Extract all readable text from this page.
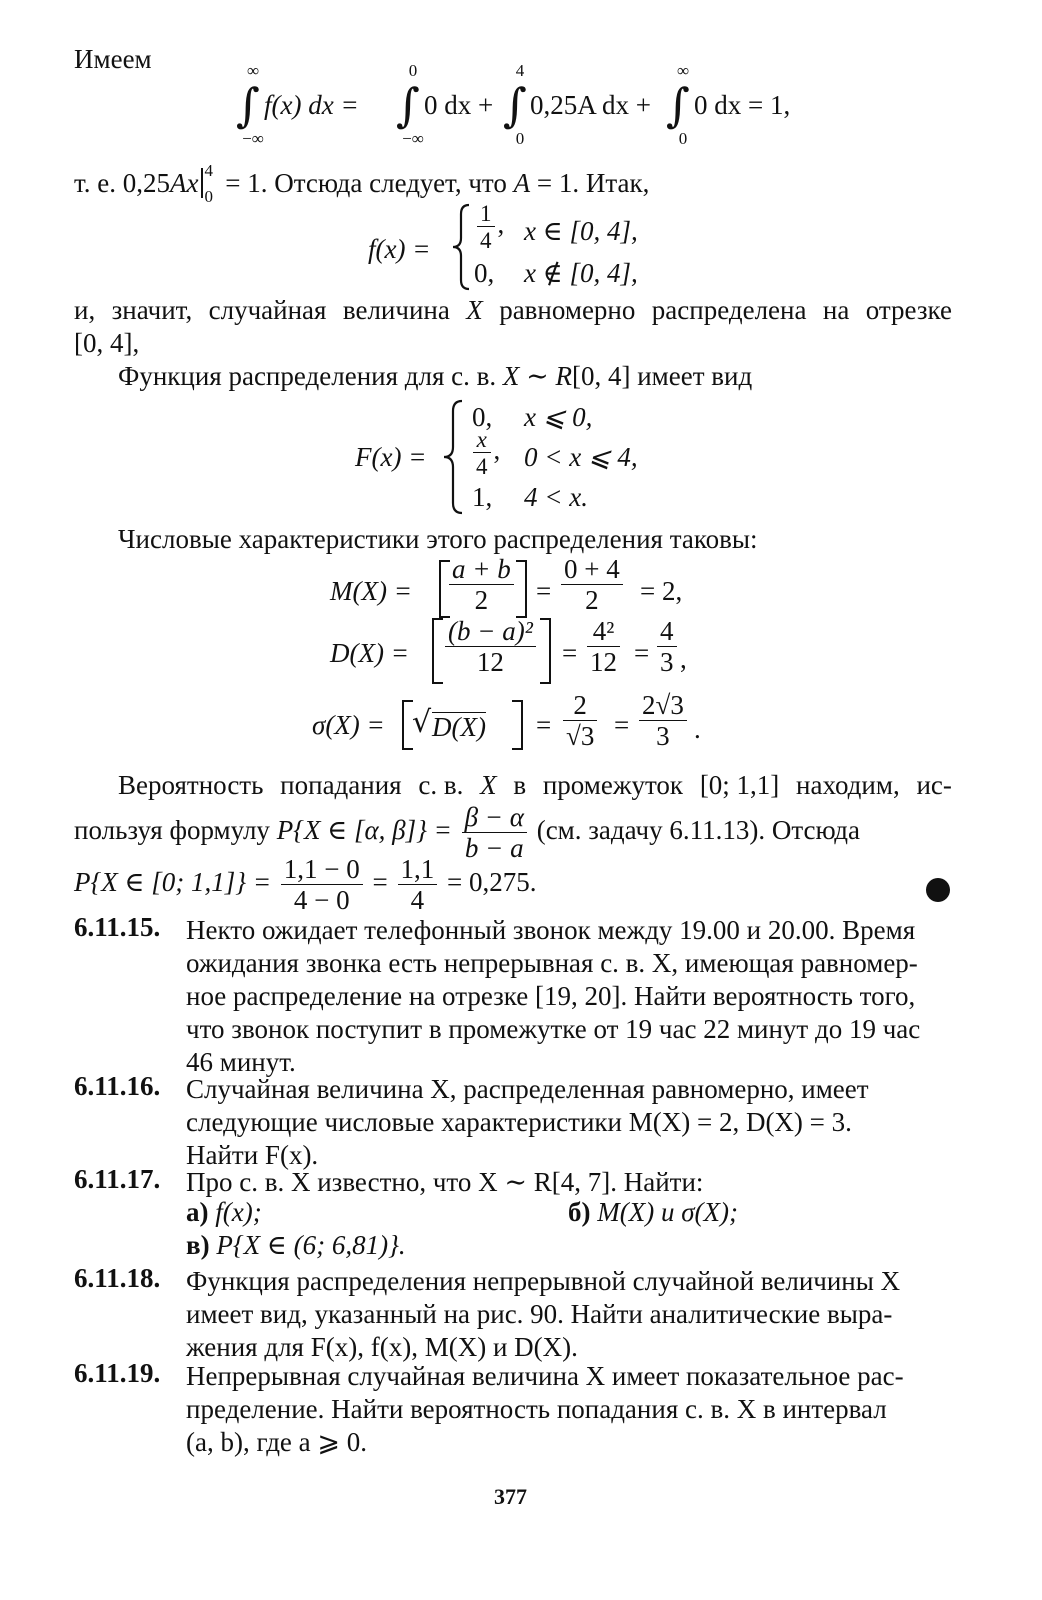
Имеем	∞
−∞
0
−∞
4
0
∞
0
∫	∫ ∫	∫
f(x) dx = 0 dx + 0,25A dx + 0 dx = 1,
т. е. 0,25Ax 4
0 = 1. Отсюда следует, что A = 1. Итак,
$f(x) = \frac{1}{4}$ , x ∈ [0, 4],
0, x ∉ [0, 4],
и, значит, случайная величина X равномерно распределена на отрезке
[0, 4],
Функция распределения для с. в. X ∼ R[0, 4] имеет вид
F(x) =
0, x ⩽ 0,
$\frac{x}{4}$ , 0 < x ⩽ 4,
1, 4 < x.
Числовые характеристики этого распределения таковы:
$M(X) = \frac{a + b}{2} = \frac{0 + 4}{2} = 2$,
$D(X) = \frac{\text{(b − a)²}}{12} = \frac{\text{4²}}{12} = \frac{4}{3}$ ,
σ(X) = √ $D(X) = \frac{2}{√3} = \frac{2√3}{3}$ .
Вероятность попадания с. в. X в промежуток [0; 1,1] находим, ис-
пользуя формулу P{X ∈ [α, $\beta]\} = \frac{\beta - \alpha}{b - a} (см$. задачу 6.11.13). Отсюда
P{X ∈ [0; $1,1]\} = \frac{1,1 - 0}{4 - 0} = \frac{1,1}{4} = 0,275$.
6.11.15. Некто ожидает телефонный звонок между 19.00 и 20.00. Время
ожидания звонка есть непрерывная с. в. X, имеющая равномер-
ное распределение на отрезке [19, 20]. Найти вероятность того,
что звонок поступит в промежутке от 19 час 22 минут до 19 час
46 минут.
6.11.16. Случайная величина X, распределенная равномерно, имеет
следующие числовые характеристики M(X) = 2, D(X) = 3.
Найти F(x).
6.11.17. Про с. в. X известно, что X ∼ R[4, 7]. Найти:
а) f(x);	б) M(X) и σ(X);
в) P{X ∈ (6; 6,81)}.
6.11.18. Функция распределения непрерывной случайной величины X
имеет вид, указанный на рис. 90. Найти аналитические выра-
жения для F(x), f(x), M(X) и D(X).
6.11.19. Непрерывная случайная величина X имеет показательное рас-
пределение. Найти вероятность попадания с. в. X в интервал
(a, b), где a ⩾ 0.
377
